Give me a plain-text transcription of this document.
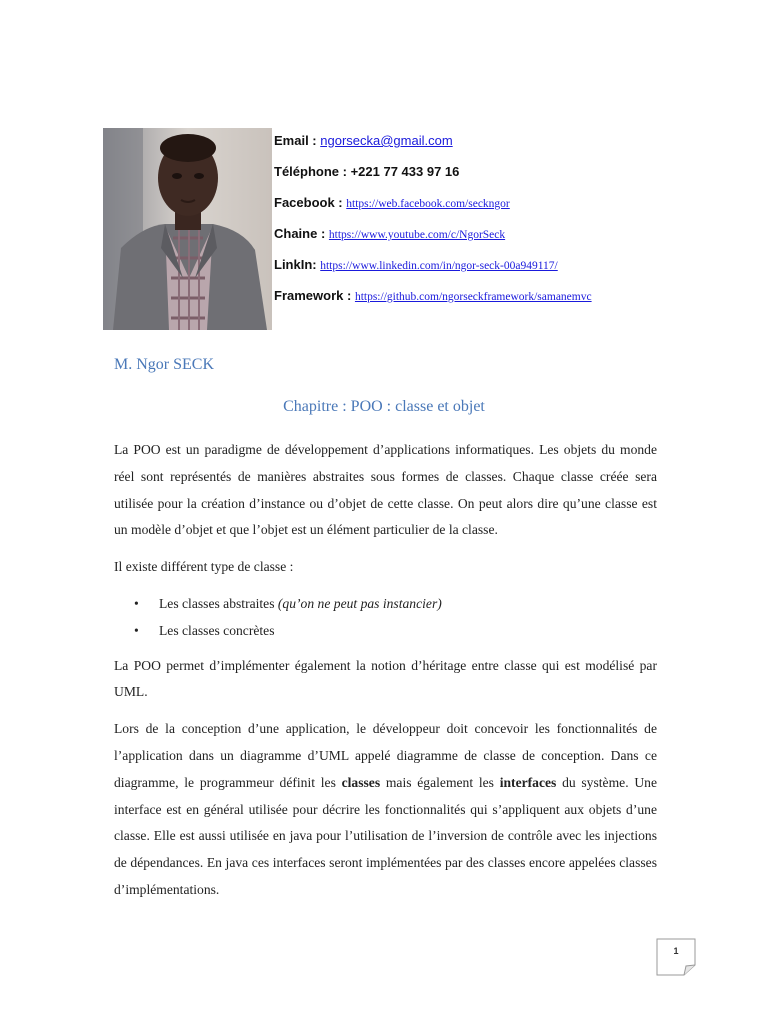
Email : ngorsecka@gmail.com
Téléphone : +221 77 433 97 16
Facebook : https://web.facebook.com/seckngor
Chaine : https://www.youtube.com/c/NgorSeck
LinkIn: https://www.linkedin.com/in/ngor-seck-00a949117/
Framework : https://github.com/ngorseckframework/samanemvc
M. Ngor SECK
Chapitre : POO : classe et objet

La POO est un paradigme de développement d’applications informatiques. Les objets du monde réel sont représentés de manières abstraites sous formes de classes. Chaque classe créée sera utilisée pour la création d’instance ou d’objet de cette classe. On peut alors dire qu’une classe est un modèle d’objet et que l’objet est un élément particulier de la classe.

Il existe différent type de classe :

• Les classes abstraites (qu’on ne peut pas instancier)
• Les classes concrètes

La POO permet d’implémenter également la notion d’héritage entre classe qui est modélisé par UML.

Lors de la conception d’une application, le développeur doit concevoir les fonctionnalités de l’application dans un diagramme d’UML appelé diagramme de classe de conception. Dans ce diagramme, le programmeur définit les classes mais également les interfaces du système. Une interface est en général utilisée pour décrire les fonctionnalités qui s’appliquent aux objets d’une classe. Elle est aussi utilisée en java pour l’utilisation de l’inversion de contrôle avec les injections de dépendances. En java ces interfaces seront implémentées par des classes encore appelées classes d’implémentations.

1
